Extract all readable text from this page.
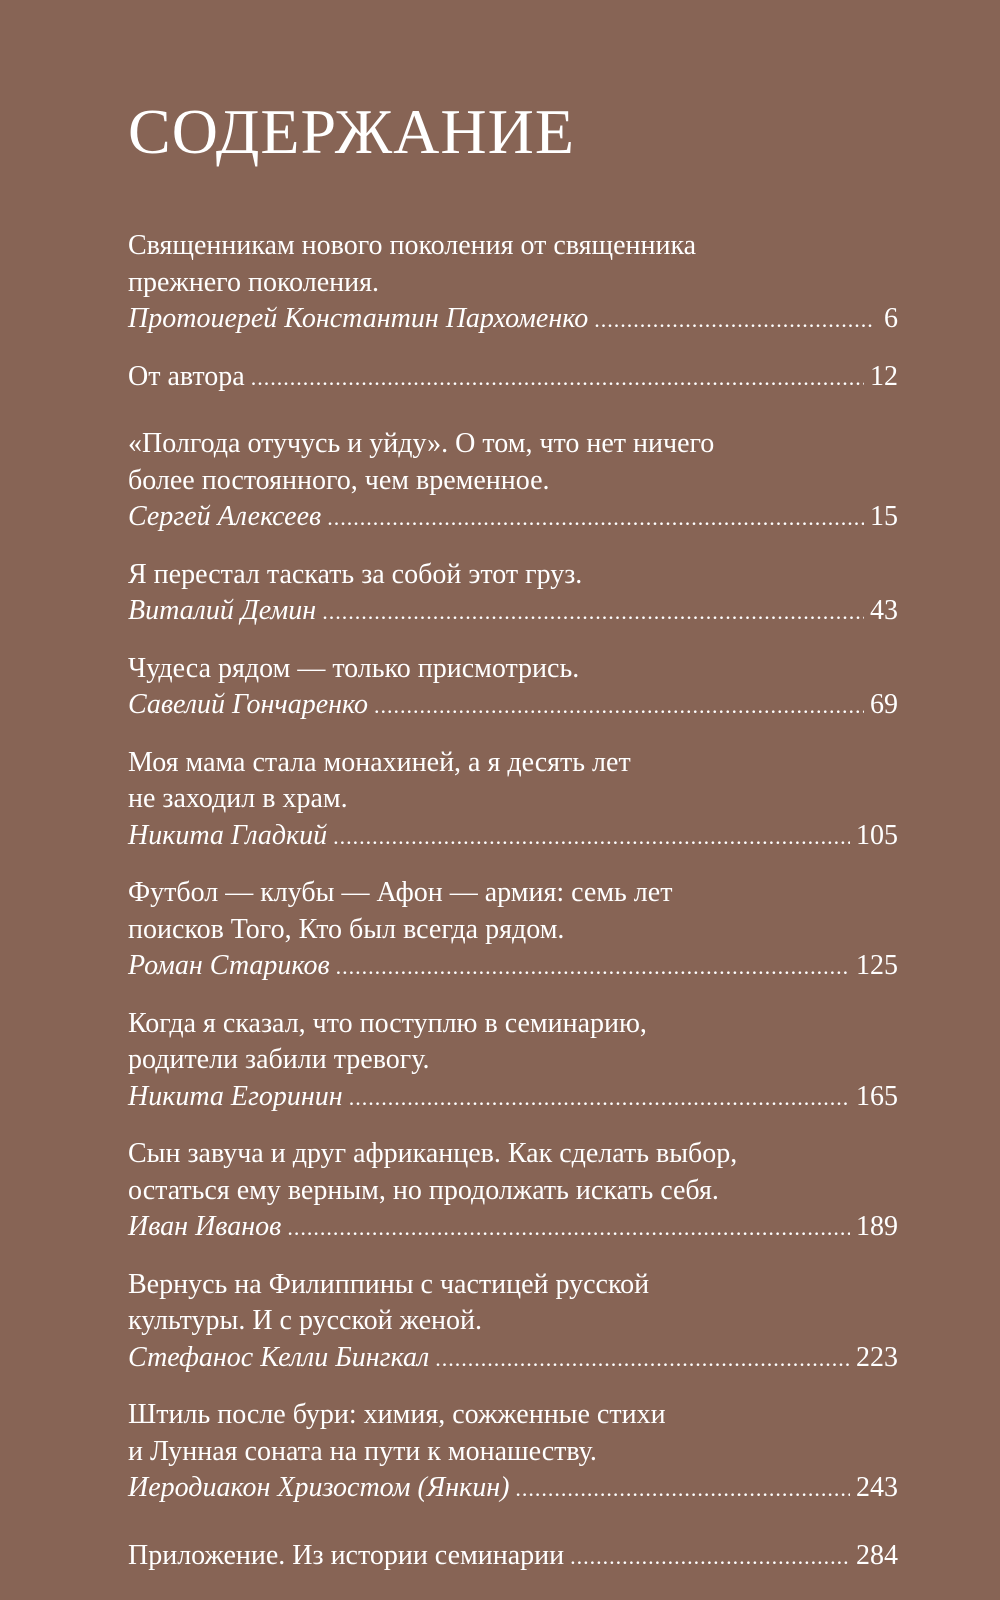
СОДЕРЖАНИЕ
Священникам нового поколения от священника
прежнего поколения.
Протоиерей Константин Пархоменко .....	6
От автора .....	12
«Полгода отучусь и уйду». О том, что нет ничего
более постоянного, чем временное.
Сергей Алексеев .....	15
Я перестал таскать за собой этот груз.
Виталий Демин .....	43
Чудеса рядом — только присмотрись.
Савелий Гончаренко .....	69
Моя мама стала монахиней, а я десять лет
не заходил в храм.
Никита Гладкий .....	105
Футбол — клубы — Афон — армия: семь лет
поисков Того, Кто был всегда рядом.
Роман Стариков .....	125
Когда я сказал, что поступлю в семинарию,
родители забили тревогу.
Никита Егоринин .....	165
Сын завуча и друг африканцев. Как сделать выбор,
остаться ему верным, но продолжать искать себя.
Иван Иванов .....	189
Вернусь на Филиппины с частицей русской
культуры. И с русской женой.
Стефанос Келли Бингкал .....	223
Штиль после бури: химия, сожженные стихи
и Лунная соната на пути к монашеству.
Иеродиакон Хризостом (Янкин) .....	243
Приложение. Из истории семинарии .....	284
